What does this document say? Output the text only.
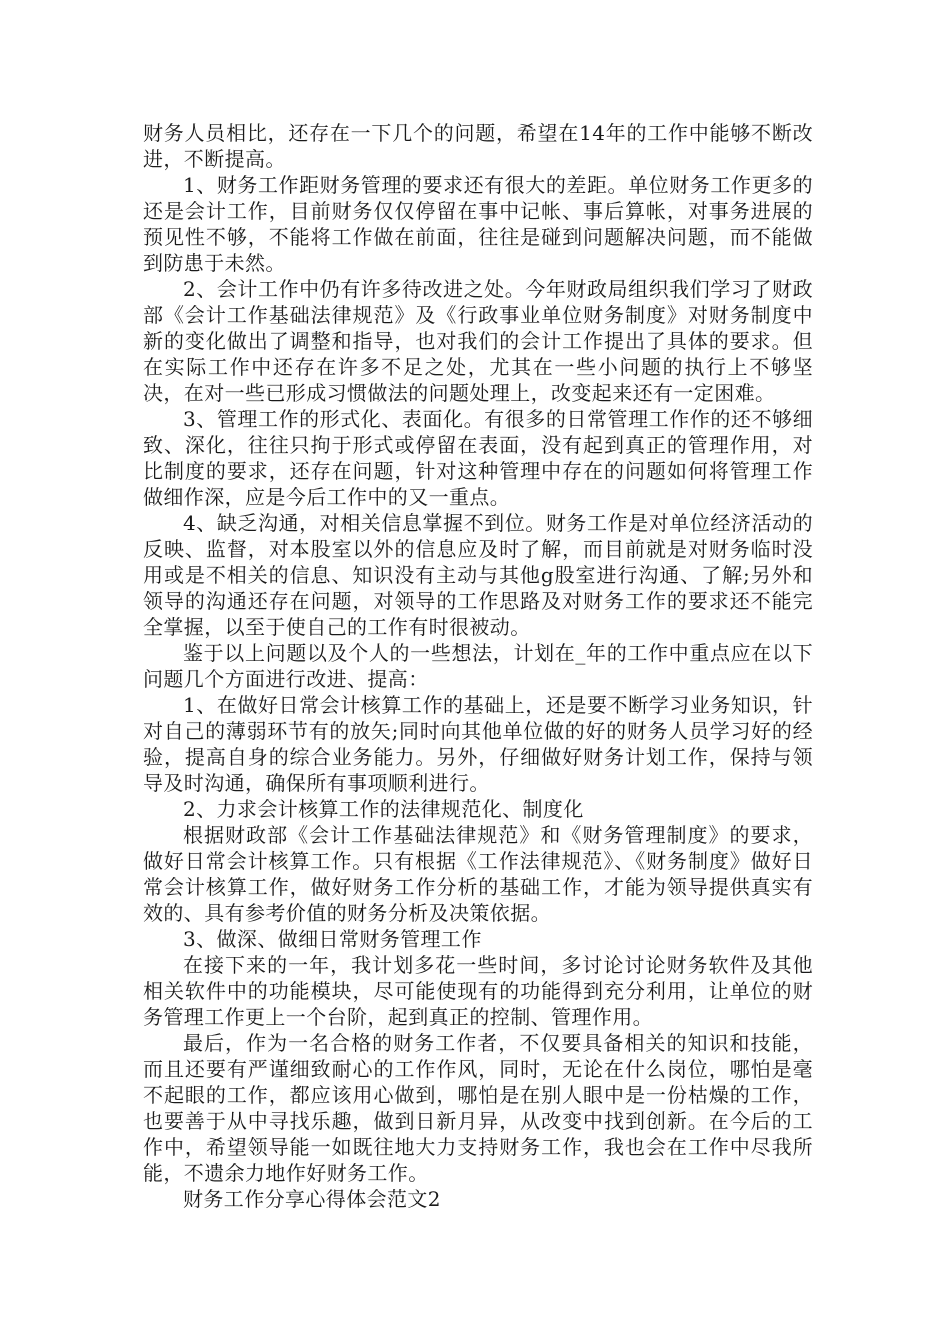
财务人员相比，还存在一下几个的问题，希望在14年的工作中能够不断改进，不断提高。

1、财务工作距财务管理的要求还有很大的差距。单位财务工作更多的还是会计工作，目前财务仅仅停留在事中记帐、事后算帐，对事务进展的预见性不够，不能将工作做在前面，往往是碰到问题解决问题，而不能做到防患于未然。

2、会计工作中仍有许多待改进之处。今年财政局组织我们学习了财政部《会计工作基础法律规范》及《行政事业单位财务制度》对财务制度中新的变化做出了调整和指导，也对我们的会计工作提出了具体的要求。但在实际工作中还存在许多不足之处，尤其在一些小问题的执行上不够坚决，在对一些已形成习惯做法的问题处理上，改变起来还有一定困难。

3、管理工作的形式化、表面化。有很多的日常管理工作作的还不够细致、深化，往往只拘于形式或停留在表面，没有起到真正的管理作用，对比制度的要求，还存在问题，针对这种管理中存在的问题如何将管理工作做细作深，应是今后工作中的又一重点。

4、缺乏沟通，对相关信息掌握不到位。财务工作是对单位经济活动的反映、监督，对本股室以外的信息应及时了解，而目前就是对财务临时没用或是不相关的信息、知识没有主动与其他g股室进行沟通、了解;另外和领导的沟通还存在问题，对领导的工作思路及对财务工作的要求还不能完全掌握，以至于使自己的工作有时很被动。

鉴于以上问题以及个人的一些想法，计划在_年的工作中重点应在以下问题几个方面进行改进、提高：

1、在做好日常会计核算工作的基础上，还是要不断学习业务知识，针对自己的薄弱环节有的放矢;同时向其他单位做的好的财务人员学习好的经验，提高自身的综合业务能力。另外，仔细做好财务计划工作，保持与领导及时沟通，确保所有事项顺利进行。

2、力求会计核算工作的法律规范化、制度化

根据财政部《会计工作基础法律规范》和《财务管理制度》的要求，做好日常会计核算工作。只有根据《工作法律规范》、《财务制度》做好日常会计核算工作，做好财务工作分析的基础工作，才能为领导提供真实有效的、具有参考价值的财务分析及决策依据。

3、做深、做细日常财务管理工作

在接下来的一年，我计划多花一些时间，多讨论讨论财务软件及其他相关软件中的功能模块，尽可能使现有的功能得到充分利用，让单位的财务管理工作更上一个台阶，起到真正的控制、管理作用。

最后，作为一名合格的财务工作者，不仅要具备相关的知识和技能，而且还要有严谨细致耐心的工作作风，同时，无论在什么岗位，哪怕是毫不起眼的工作，都应该用心做到，哪怕是在别人眼中是一份枯燥的工作，也要善于从中寻找乐趣，做到日新月异，从改变中找到创新。在今后的工作中，希望领导能一如既往地大力支持财务工作，我也会在工作中尽我所能，不遗余力地作好财务工作。

财务工作分享心得体会范文2
